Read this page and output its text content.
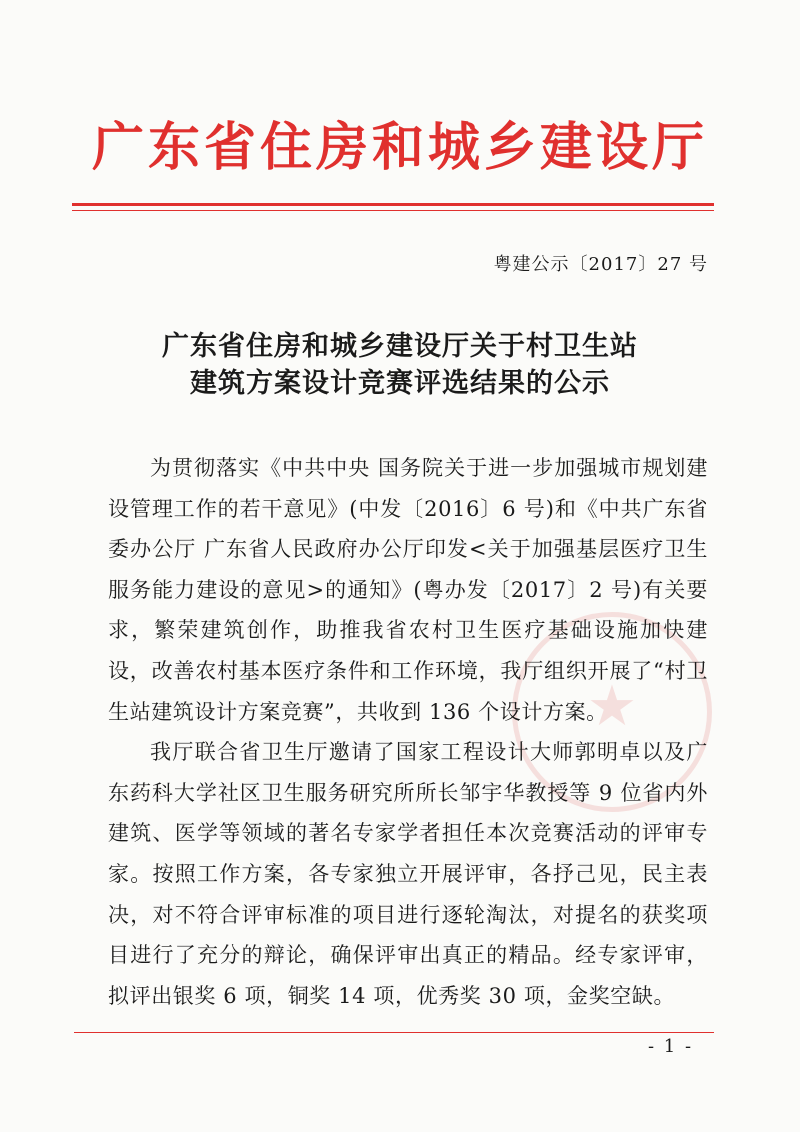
★
广东省住房和城乡建设厅
粤建公示〔2017〕27 号
广东省住房和城乡建设厅关于村卫生站
建筑方案设计竞赛评选结果的公示

为贯彻落实《中共中央 国务院关于进一步加强城市规划建设管理工作的若干意见》(中发〔2016〕6 号)和《中共广东省委办公厅 广东省人民政府办公厅印发<关于加强基层医疗卫生服务能力建设的意见>的通知》(粤办发〔2017〕2 号)有关要求，繁荣建筑创作，助推我省农村卫生医疗基础设施加快建设，改善农村基本医疗条件和工作环境，我厅组织开展了“村卫生站建筑设计方案竞赛”，共收到 136 个设计方案。

我厅联合省卫生厅邀请了国家工程设计大师郭明卓以及广东药科大学社区卫生服务研究所所长邹宇华教授等 9 位省内外建筑、医学等领域的著名专家学者担任本次竞赛活动的评审专家。按照工作方案，各专家独立开展评审，各抒己见，民主表决，对不符合评审标准的项目进行逐轮淘汰，对提名的获奖项目进行了充分的辩论，确保评审出真正的精品。经专家评审，拟评出银奖 6 项，铜奖 14 项，优秀奖 30 项，金奖空缺。

- 1 -
